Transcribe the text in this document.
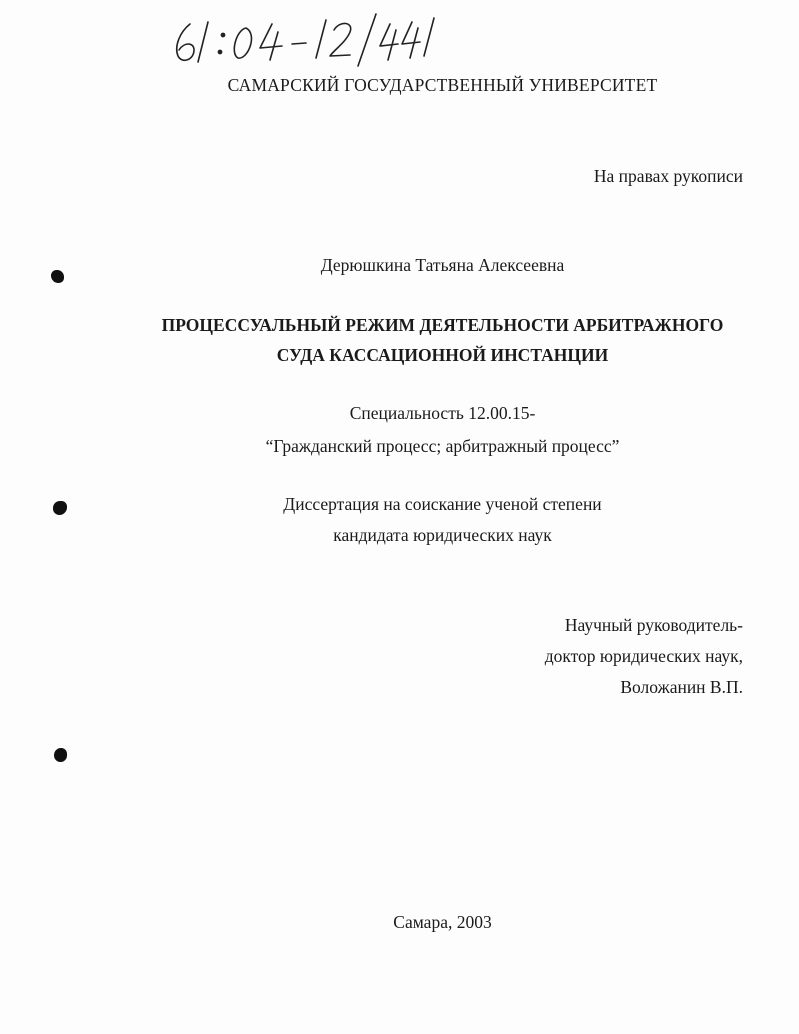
САМАРСКИЙ ГОСУДАРСТВЕННЫЙ УНИВЕРСИТЕТ
На правах рукописи
Дерюшкина Татьяна Алексеевна
ПРОЦЕССУАЛЬНЫЙ РЕЖИМ ДЕЯТЕЛЬНОСТИ АРБИТРАЖНОГО
СУДА КАССАЦИОННОЙ ИНСТАНЦИИ
Специальность 12.00.15-
“Гражданский процесс; арбитражный процесс”
Диссертация на соискание ученой степени
кандидата юридических наук
Научный руководитель-
доктор юридических наук,
Воложанин В.П.
Самара, 2003
